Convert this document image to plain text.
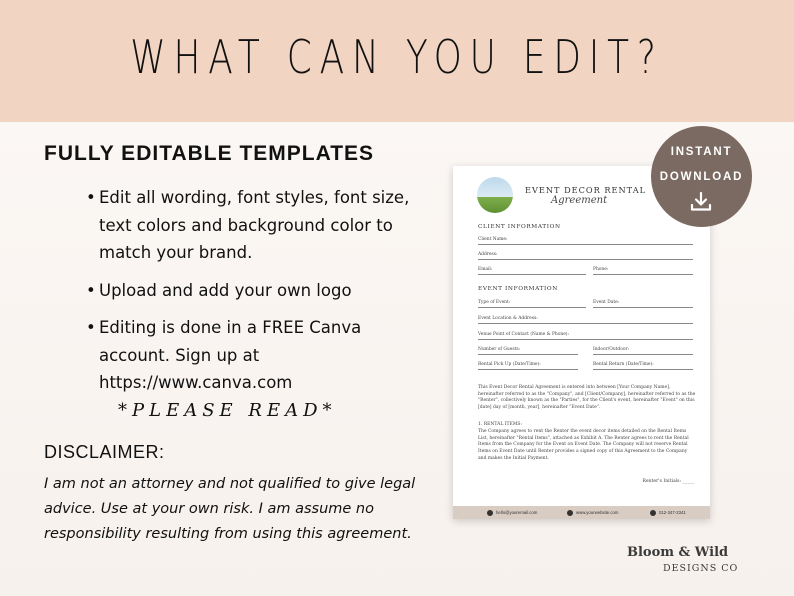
WHAT CAN YOU EDIT?
FULLY EDITABLE TEMPLATES
• Edit all wording, font styles, font size, text colors and background color to match your brand.
• Upload and add your own logo
• Editing is done in a FREE Canva account. Sign up at https://www.canva.com
*PLEASE READ*
DISCLAIMER:
I am not an attorney and not qualified to give legal advice. Use at your own risk. I am assume no responsibility resulting from using this agreement.
EVENT DECOR RENTAL
Agreement
CLIENT INFORMATION
Client Name:
Address:
Email:	Phone:
EVENT INFORMATION
Type of Event:	Event Date:
Event Location & Address:
Venue Point of Contact (Name & Phone):
Number of Guests:	Indoor/Outdoor:
Rental Pick Up (Date/Time):	Rental Return (Date/Time):
This Event Decor Rental Agreement is entered into between [Your Company Name], hereinafter referred to as the "Company", and [Client/Company], hereinafter referred to as the "Renter", collectively known as the "Parties", for the Client's event, hereinafter "Event" on this [date] day of [month, year], hereinafter "Event Date".
1. RENTAL ITEMS:
The Company agrees to rent the Renter the event decor items detailed on the Rental Items List, hereinafter "Rental Items", attached as Exhibit A. The Renter agrees to rent the Rental Items from the Company for the Event on Event Date. The Company will not reserve Rental Items on Event Date until Renter provides a signed copy of this Agreement to the Company and makes the Initial Payment.
Renter's Initials: _____
hello@youremail.com	www.yourwebsite.com	012-347-2341
INSTANT
DOWNLOAD
Bloom & Wild
DESIGNS CO
